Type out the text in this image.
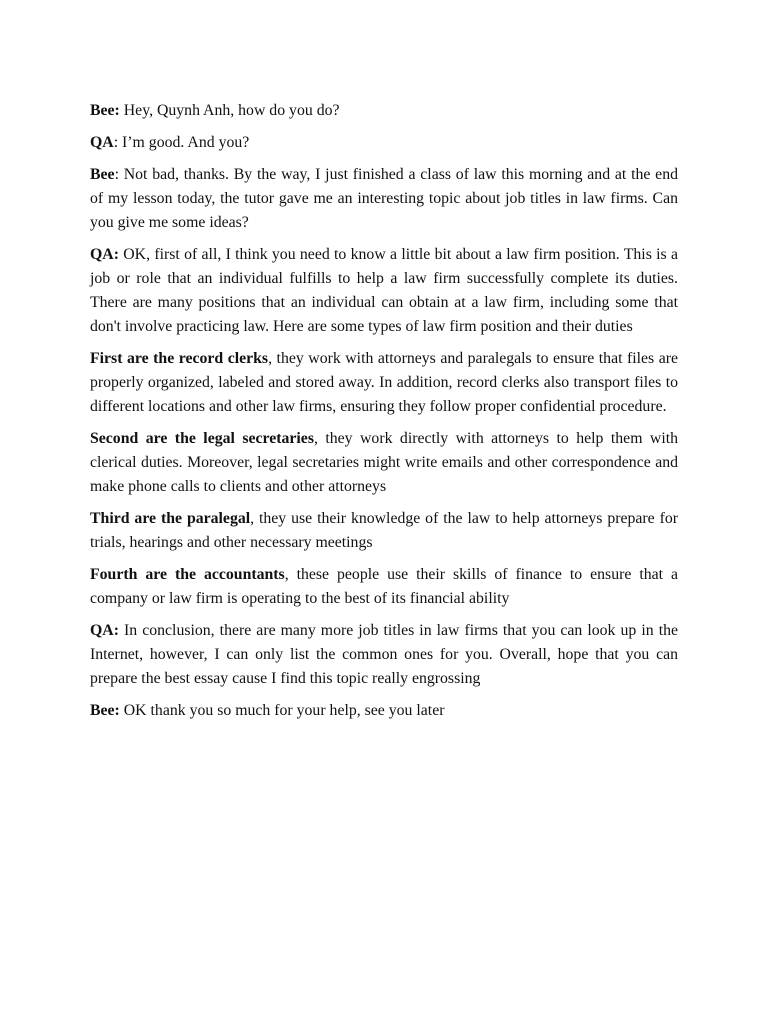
Bee: Hey, Quynh Anh, how do you do?

QA: I’m good. And you?

Bee: Not bad, thanks. By the way, I just finished a class of law this morning and at the end of my lesson today, the tutor gave me an interesting topic about job titles in law firms. Can you give me some ideas?

QA: OK, first of all, I think you need to know a little bit about a law firm position. This is a job or role that an individual fulfills to help a law firm successfully complete its duties. There are many positions that an individual can obtain at a law firm, including some that don't involve practicing law. Here are some types of law firm position and their duties

First are the record clerks, they work with attorneys and paralegals to ensure that files are properly organized, labeled and stored away. In addition, record clerks also transport files to different locations and other law firms, ensuring they follow proper confidential procedure.

Second are the legal secretaries, they work directly with attorneys to help them with clerical duties. Moreover, legal secretaries might write emails and other correspondence and make phone calls to clients and other attorneys

Third are the paralegal, they use their knowledge of the law to help attorneys prepare for trials, hearings and other necessary meetings

Fourth are the accountants, these people use their skills of finance to ensure that a company or law firm is operating to the best of its financial ability

QA: In conclusion, there are many more job titles in law firms that you can look up in the Internet, however, I can only list the common ones for you. Overall, hope that you can prepare the best essay cause I find this topic really engrossing

Bee: OK thank you so much for your help, see you later
